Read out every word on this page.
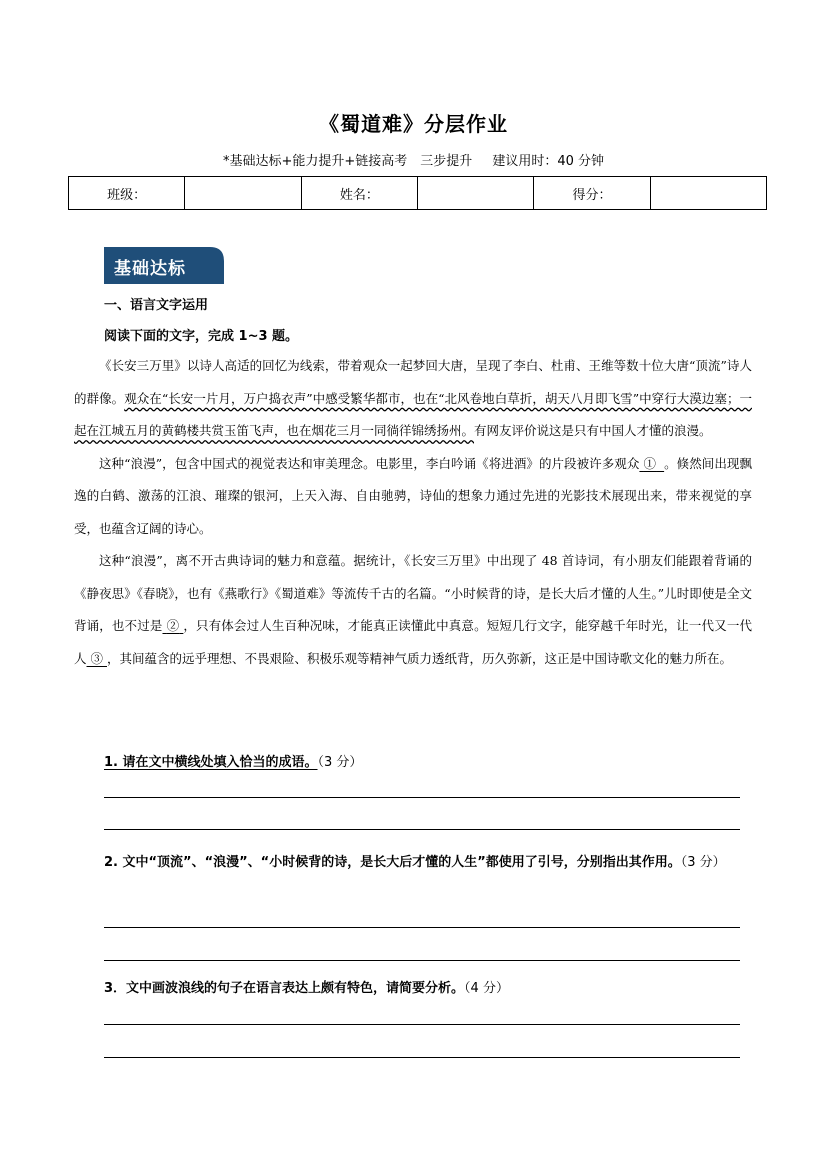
《蜀道难》分层作业
*基础达标+能力提升+链接高考　三步提升 建议用时：40 分钟
班级：		姓名：		得分：	
基础达标
一、语言文字运用
阅读下面的文字，完成 1~3 题。

《长安三万里》以诗人高适的回忆为线索，带着观众一起梦回大唐，呈现了李白、杜甫、王维等数十位大唐“顶流”诗人的群像。观众在“长安一片月，万户捣衣声”中感受繁华都市，也在“北风卷地白草折，胡天八月即飞雪”中穿行大漠边塞；一起在江城五月的黄鹤楼共赏玉笛飞声，也在烟花三月一同徜徉锦绣扬州。有网友评价说这是只有中国人才懂的浪漫。

这种“浪漫”，包含中国式的视觉表达和审美理念。电影里，李白吟诵《将进酒》的片段被许多观众 ① 。倏然间出现飘逸的白鹤、激荡的江浪、璀璨的银河，上天入海、自由驰骋，诗仙的想象力通过先进的光影技术展现出来，带来视觉的享受，也蕴含辽阔的诗心。

这种“浪漫”，离不开古典诗词的魅力和意蕴。据统计，《长安三万里》中出现了 48 首诗词，有小朋友们能跟着背诵的《静夜思》《春晓》，也有《燕歌行》《蜀道难》等流传千古的名篇。“小时候背的诗，是长大后才懂的人生。”儿时即使是全文背诵，也不过是 ② ，只有体会过人生百种况味，才能真正读懂此中真意。短短几行文字，能穿越千年时光，让一代又一代人 ③ ，其间蕴含的远乎理想、不畏艰险、积极乐观等精神气质力透纸背，历久弥新，这正是中国诗歌文化的魅力所在。

1. 请在文中横线处填入恰当的成语。（3 分）
2. 文中“顶流”、“浪漫”、“小时候背的诗，是长大后才懂的人生”都使用了引号，分别指出其作用。（3 分）
3．文中画波浪线的句子在语言表达上颇有特色，请简要分析。（4 分）
